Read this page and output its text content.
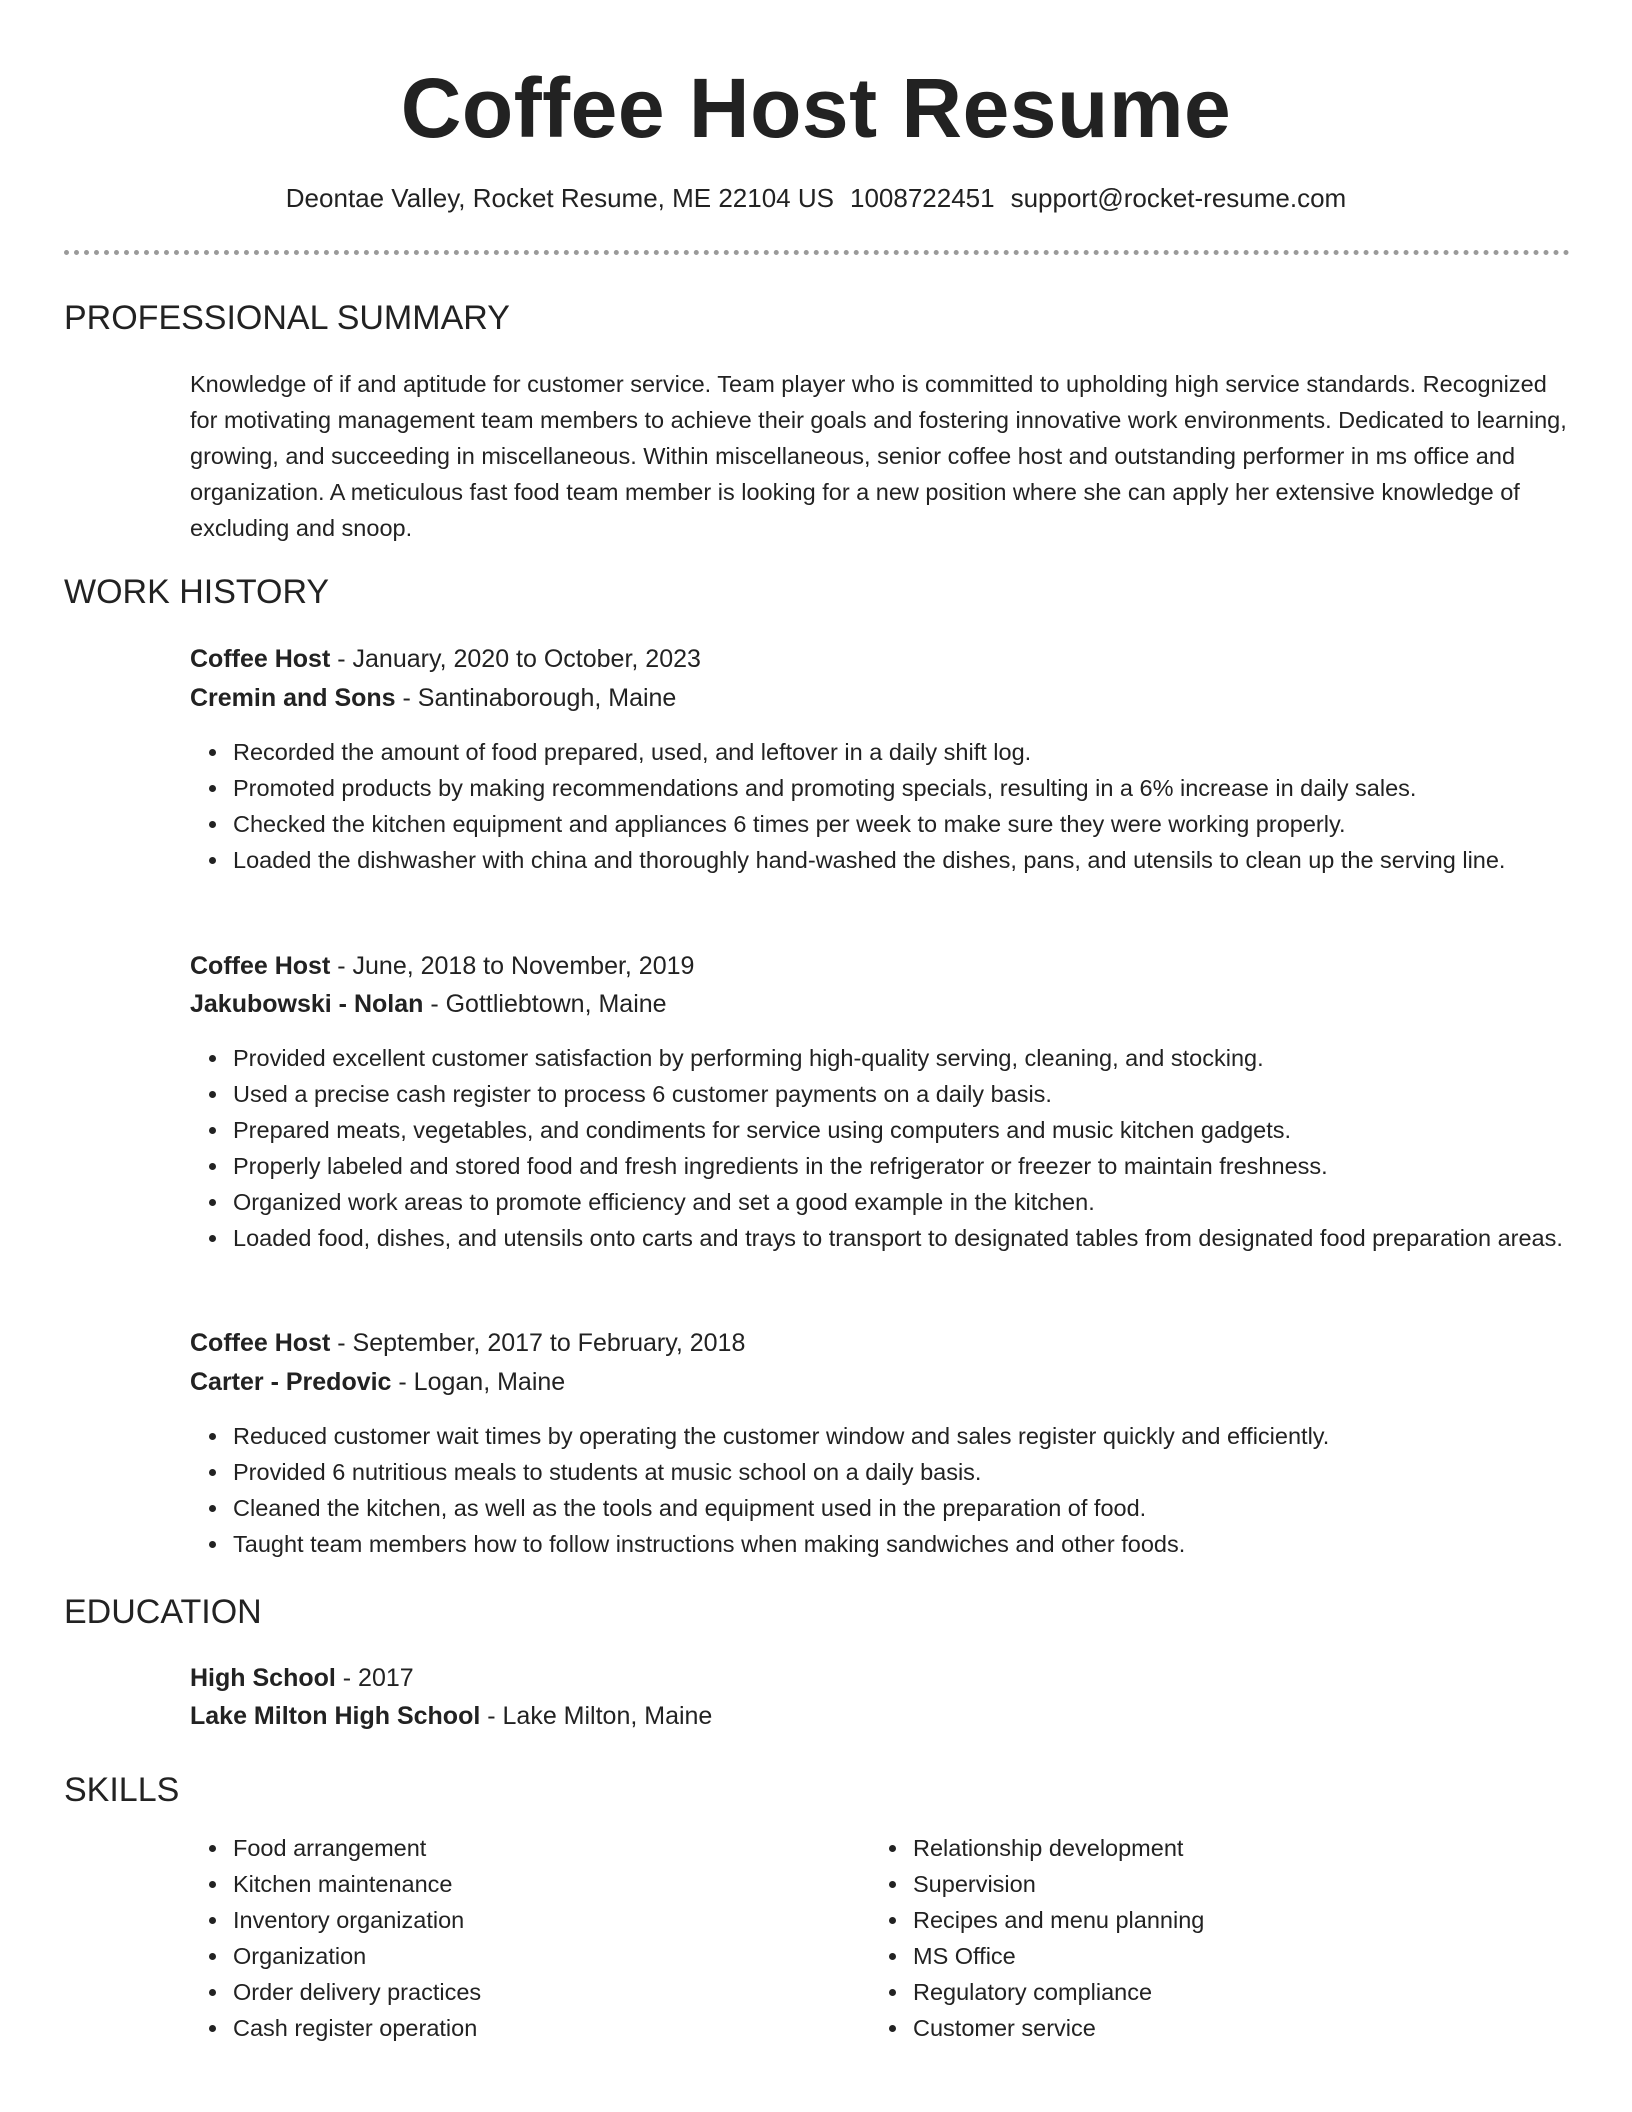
Coffee Host Resume
Deontae Valley, Rocket Resume, ME 22104 US 1008722451 support@rocket-resume.com
PROFESSIONAL SUMMARY
Knowledge of if and aptitude for customer service. Team player who is committed to upholding high service standards. Recognized for motivating management team members to achieve their goals and fostering innovative work environments. Dedicated to learning, growing, and succeeding in miscellaneous. Within miscellaneous, senior coffee host and outstanding performer in ms office and organization. A meticulous fast food team member is looking for a new position where she can apply her extensive knowledge of excluding and snoop.
WORK HISTORY
Coffee Host - January, 2020 to October, 2023
Cremin and Sons - Santinaborough, Maine
Recorded the amount of food prepared, used, and leftover in a daily shift log.
Promoted products by making recommendations and promoting specials, resulting in a 6% increase in daily sales.
Checked the kitchen equipment and appliances 6 times per week to make sure they were working properly.
Loaded the dishwasher with china and thoroughly hand-washed the dishes, pans, and utensils to clean up the serving line.
Coffee Host - June, 2018 to November, 2019
Jakubowski - Nolan - Gottliebtown, Maine
Provided excellent customer satisfaction by performing high-quality serving, cleaning, and stocking.
Used a precise cash register to process 6 customer payments on a daily basis.
Prepared meats, vegetables, and condiments for service using computers and music kitchen gadgets.
Properly labeled and stored food and fresh ingredients in the refrigerator or freezer to maintain freshness.
Organized work areas to promote efficiency and set a good example in the kitchen.
Loaded food, dishes, and utensils onto carts and trays to transport to designated tables from designated food preparation areas.
Coffee Host - September, 2017 to February, 2018
Carter - Predovic - Logan, Maine
Reduced customer wait times by operating the customer window and sales register quickly and efficiently.
Provided 6 nutritious meals to students at music school on a daily basis.
Cleaned the kitchen, as well as the tools and equipment used in the preparation of food.
Taught team members how to follow instructions when making sandwiches and other foods.
EDUCATION
High School - 2017
Lake Milton High School - Lake Milton, Maine
SKILLS
Food arrangement
Kitchen maintenance
Inventory organization
Organization
Order delivery practices
Cash register operation
Relationship development
Supervision
Recipes and menu planning
MS Office
Regulatory compliance
Customer service
